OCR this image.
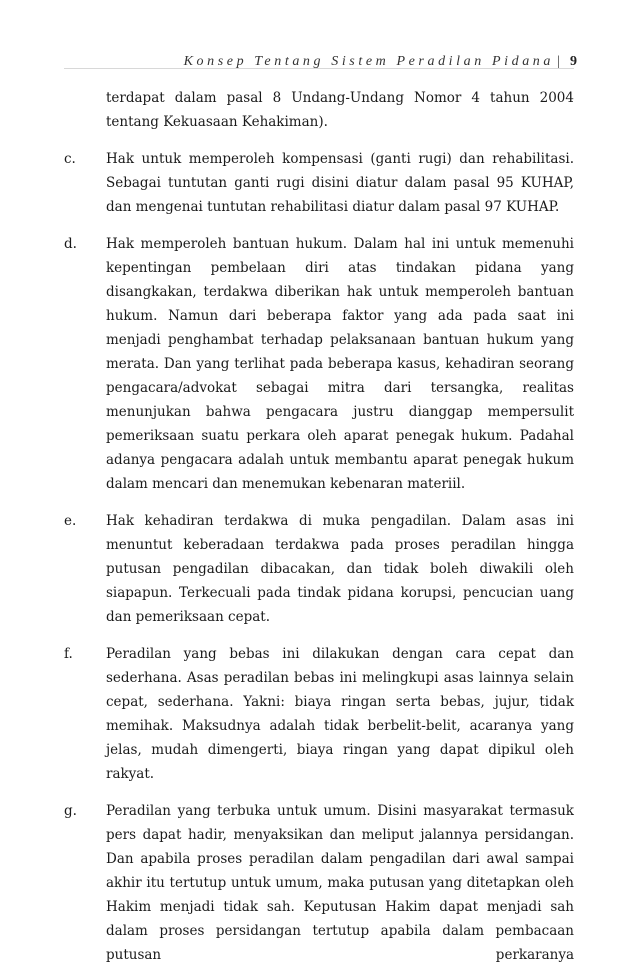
Konsep Tentang Sistem Peradilan Pidana | 9
terdapat dalam pasal 8 Undang-Undang Nomor 4 tahun 2004 tentang Kekuasaan Kehakiman).
c. Hak untuk memperoleh kompensasi (ganti rugi) dan rehabilitasi. Sebagai tuntutan ganti rugi disini diatur dalam pasal 95 KUHAP, dan mengenai tuntutan rehabilitasi diatur dalam pasal 97 KUHAP.
d. Hak memperoleh bantuan hukum. Dalam hal ini untuk memenuhi kepentingan pembelaan diri atas tindakan pidana yang disangkakan, terdakwa diberikan hak untuk memperoleh bantuan hukum. Namun dari beberapa faktor yang ada pada saat ini menjadi penghambat terhadap pelaksanaan bantuan hukum yang merata. Dan yang terlihat pada beberapa kasus, kehadiran seorang pengacara/advokat sebagai mitra dari tersangka, realitas menunjukan bahwa pengacara justru dianggap mempersulit pemeriksaan suatu perkara oleh aparat penegak hukum. Padahal adanya pengacara adalah untuk membantu aparat penegak hukum dalam mencari dan menemukan kebenaran materiil.
e. Hak kehadiran terdakwa di muka pengadilan. Dalam asas ini menuntut keberadaan terdakwa pada proses peradilan hingga putusan pengadilan dibacakan, dan tidak boleh diwakili oleh siapapun. Terkecuali pada tindak pidana korupsi, pencucian uang dan pemeriksaan cepat.
f. Peradilan yang bebas ini dilakukan dengan cara cepat dan sederhana. Asas peradilan bebas ini melingkupi asas lainnya selain cepat, sederhana. Yakni: biaya ringan serta bebas, jujur, tidak memihak. Maksudnya adalah tidak berbelit-belit, acaranya yang jelas, mudah dimengerti, biaya ringan yang dapat dipikul oleh rakyat.
g. Peradilan yang terbuka untuk umum. Disini masyarakat termasuk pers dapat hadir, menyaksikan dan meliput jalannya persidangan. Dan apabila proses peradilan dalam pengadilan dari awal sampai akhir itu tertutup untuk umum, maka putusan yang ditetapkan oleh Hakim menjadi tidak sah. Keputusan Hakim dapat menjadi sah dalam proses persidangan tertutup apabila dalam pembacaan putusan perkaranya
